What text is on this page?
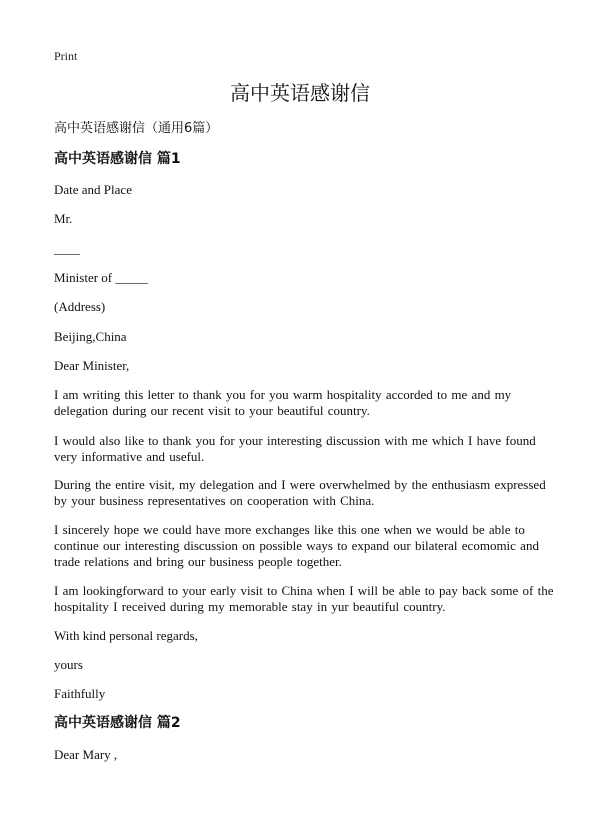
Print

高中英语感谢信

高中英语感谢信（通用6篇）

高中英语感谢信 篇1

Date and Place

Mr.

____

Minister of _____

(Address)

Beijing,China

Dear Minister,

I am writing this letter to thank you for you warm hospitality accorded to me and my delegation during our recent visit to your beautiful country.

I would also like to thank you for your interesting discussion with me which I have found very informative and useful.

During the entire visit, my delegation and I were overwhelmed by the enthusiasm expressed by your business representatives on cooperation with China.

I sincerely hope we could have more exchanges like this one when we would be able to continue our interesting discussion on possible ways to expand our bilateral ecomomic and trade relations and bring our business people together.

I am lookingforward to your early visit to China when I will be able to pay back some of the hospitality I received during my memorable stay in yur beautiful country.

With kind personal regards,

yours

Faithfully

高中英语感谢信 篇2

Dear Mary ,
